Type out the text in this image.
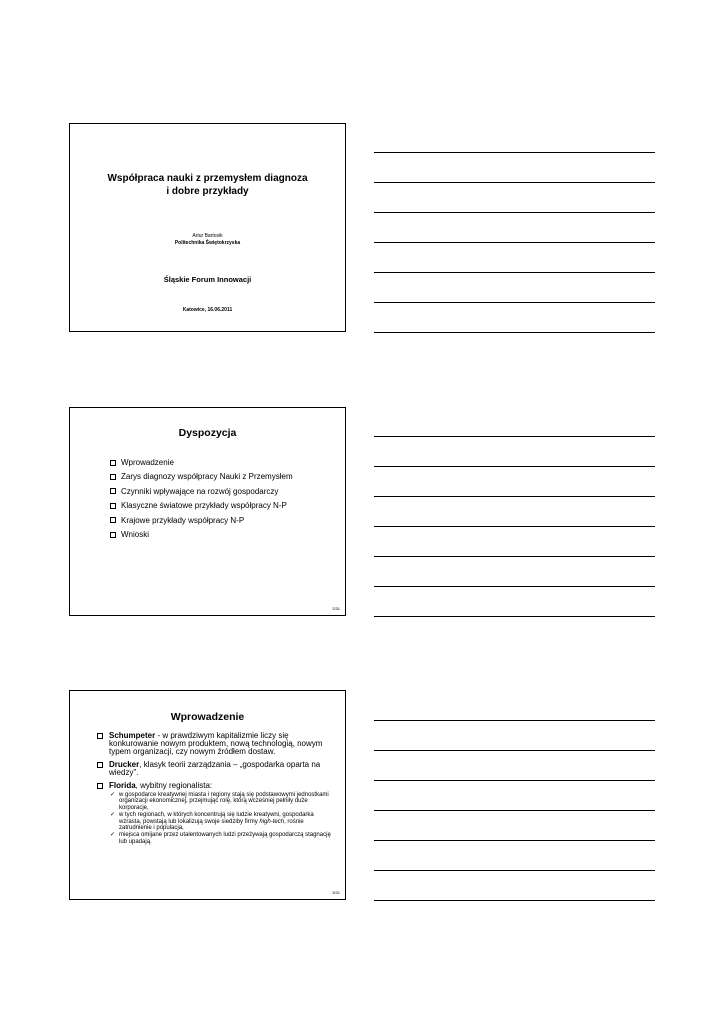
Współpraca nauki z przemysłem diagnoza
i dobre przykłady
Artur Bartosik
Politechnika Świętokrzyska
Śląskie Forum Innowacji
Katowice, 16.06.2011
Dyspozycja
Wprowadzenie
Zarys diagnozy współpracy Nauki z Przemysłem
Czynniki wpływające na rozwój gospodarczy
Klasyczne światowe przykłady współpracy N-P
Krajowe przykłady współpracy N-P
Wnioski
2/31
Wprowadzenie
Schumpeter - w prawdziwym kapitalizmie liczy się konkurowanie nowym produktem, nową technologią, nowym typem organizacji, czy nowym źródłem dostaw.
Drucker, klasyk teorii zarządzania – „gospodarka oparta na wiedzy”.
Florida, wybitny regionalista:
✓ w gospodarce kreatywnej miasta i regiony stają się podstawowymi jednostkami organizacji ekonomicznej, przejmując rolę, którą wcześniej pełniły duże korporacje,
✓ w tych regionach, w których koncentrują się ludzie kreatywni, gospodarka wzrasta, powstają lub lokalizują swoje siedziby firmy high-tech, rośnie zatrudnienie i populacja,
✓ miejsca omijane przez utalentowanych ludzi przeżywają gospodarczą stagnację lub upadają.
3/31
